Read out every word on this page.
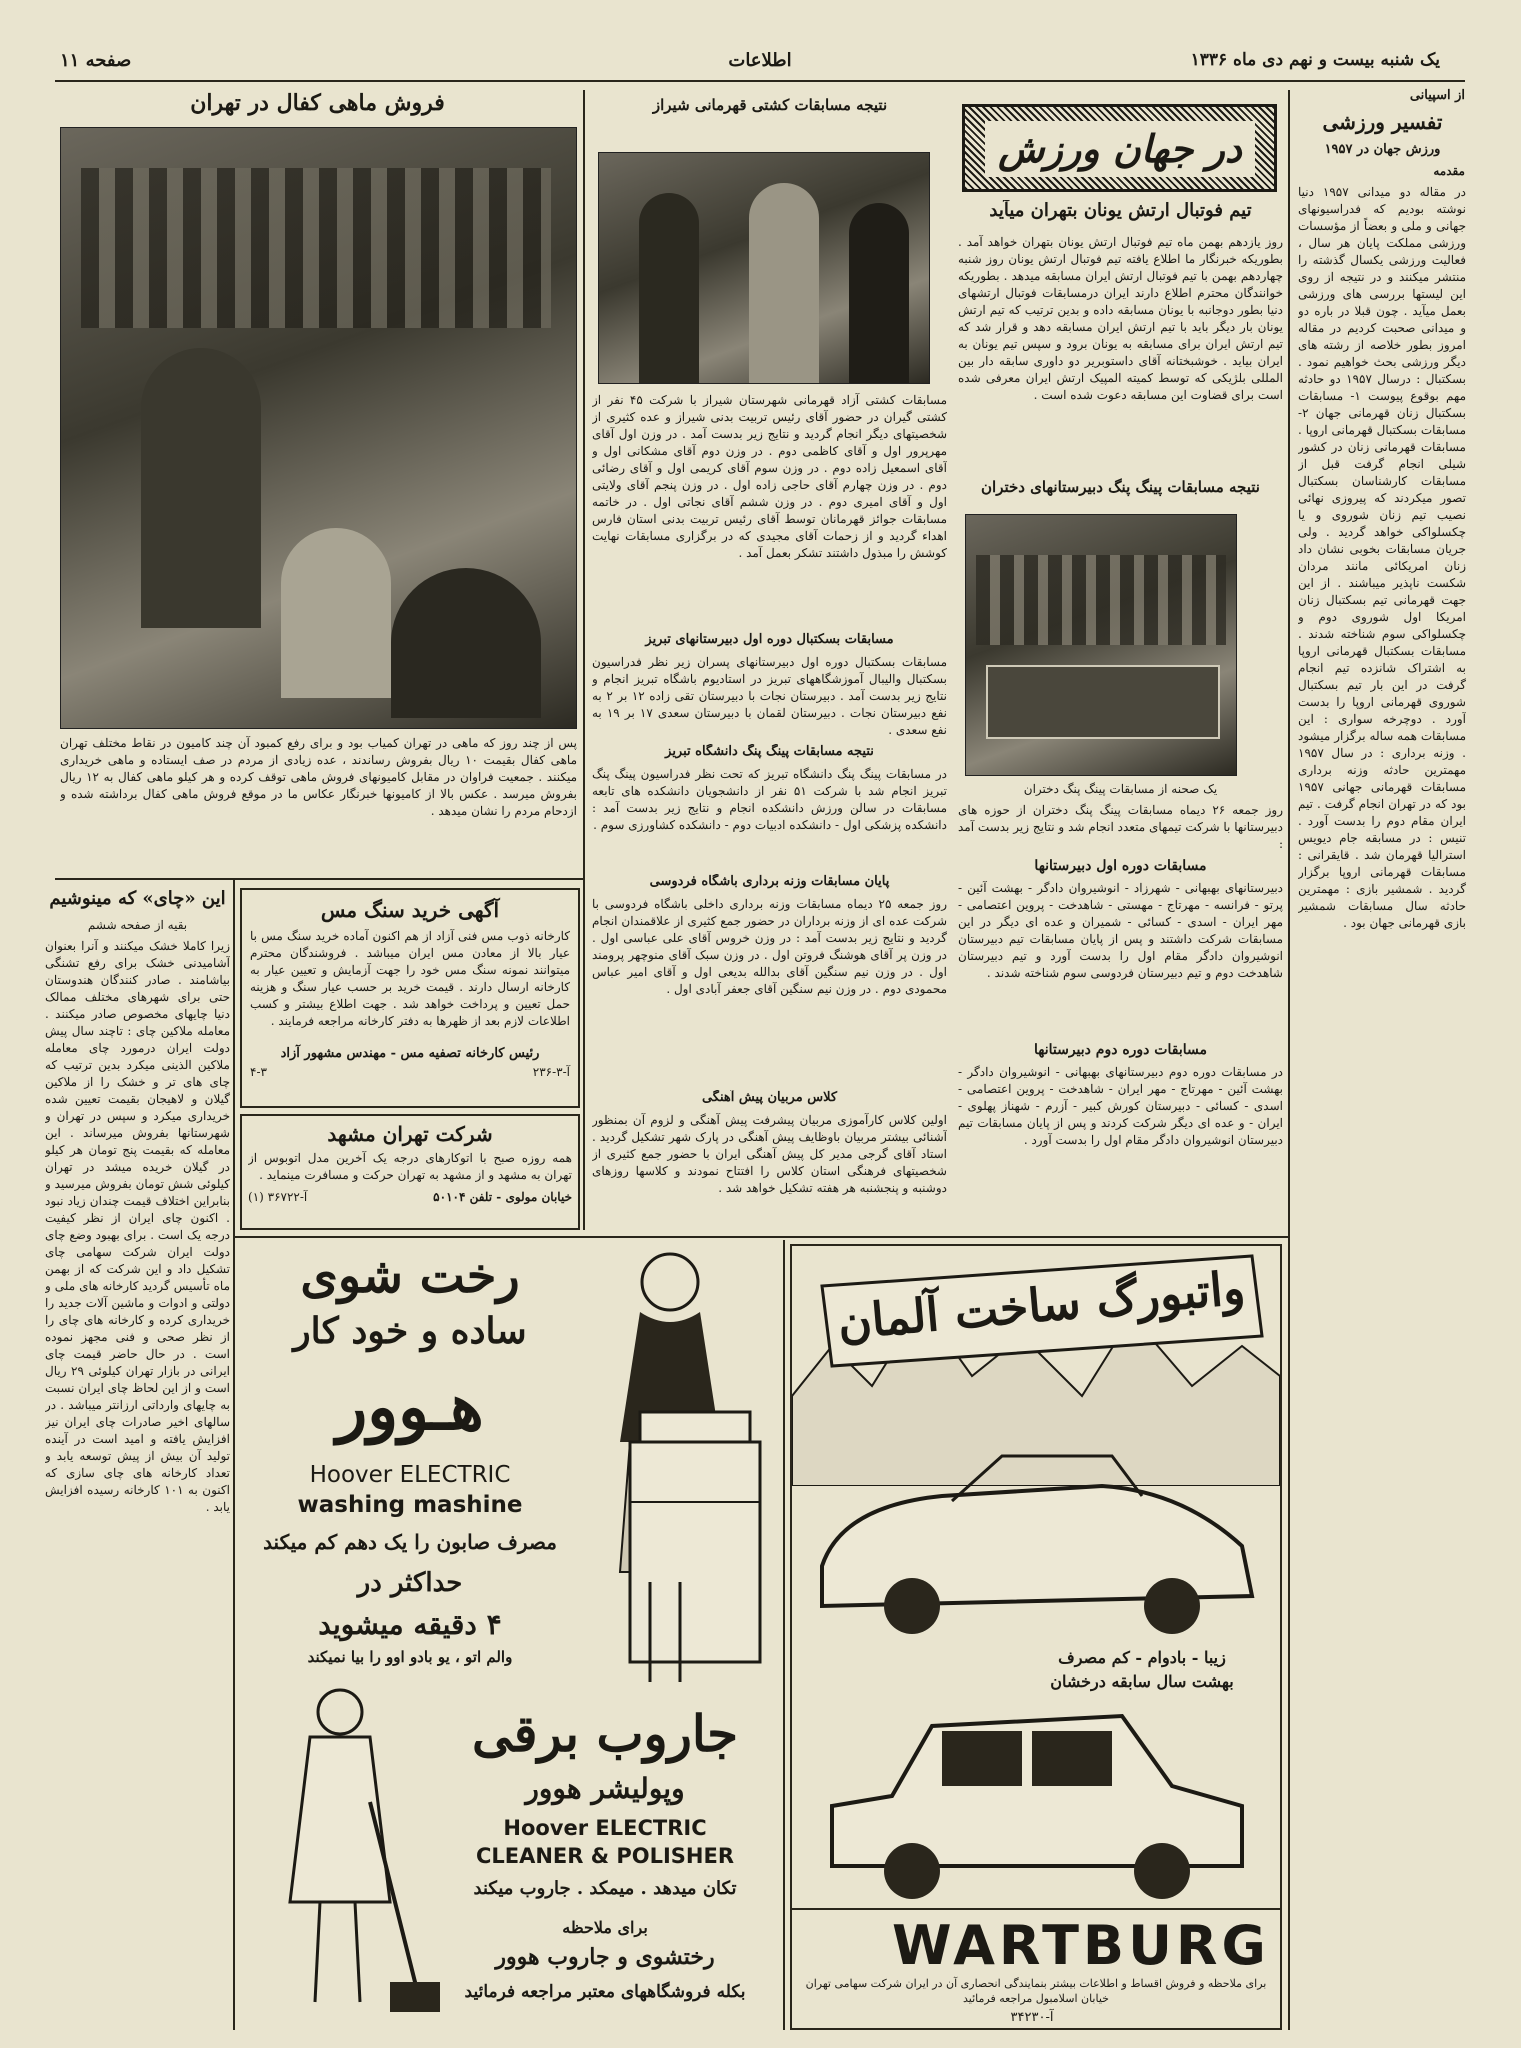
صفحه ۱۱	اطلاعات	یک شنبه بیست و نهم دی ماه ۱۳۳۶
از اسپیانی
تفسیر ورزشی
ورزش جهان در ۱۹۵۷
مقدمه
در مقاله دو میدانی ۱۹۵۷ دنیا نوشته بودیم که فدراسیونهای جهانی و ملی و بعضاً از مؤسسات ورزشی مملکت پایان هر سال ، فعالیت ورزشی یکسال گذشته را منتشر میکنند و در نتیجه از روی این لیستها بررسی های ورزشی بعمل میآید . چون قبلا در باره دو و میدانی صحبت کردیم در مقاله امروز بطور خلاصه از رشته های دیگر ورزشی بحث خواهیم نمود . بسکتبال : درسال ۱۹۵۷ دو حادثه مهم بوقوع پیوست ۱- مسابقات بسکتبال زنان قهرمانی جهان ۲- مسابقات بسکتبال قهرمانی اروپا . مسابقات قهرمانی زنان در کشور شیلی انجام گرفت قبل از مسابقات کارشناسان بسکتبال تصور میکردند که پیروزی نهائی نصیب تیم زنان شوروی و یا چکسلواکی خواهد گردید . ولی جریان مسابقات بخوبی نشان داد زنان امریکائی مانند مردان شکست ناپذیر میباشند . از این جهت قهرمانی تیم بسکتبال زنان امریکا اول شوروی دوم و چکسلواکی سوم شناخته شدند . مسابقات بسکتبال قهرمانی اروپا به اشتراک شانزده تیم انجام گرفت در این بار تیم بسکتبال شوروی قهرمانی اروپا را بدست آورد . دوچرخه سواری : این مسابقات همه ساله برگزار میشود . وزنه برداری : در سال ۱۹۵۷ مهمترین حادثه وزنه برداری مسابقات قهرمانی جهانی ۱۹۵۷ بود که در تهران انجام گرفت . تیم ایران مقام دوم را بدست آورد . تنیس : در مسابقه جام دیویس استرالیا قهرمان شد . قایقرانی : مسابقات قهرمانی اروپا برگزار گردید . شمشیر بازی : مهمترین حادثه سال مسابقات شمشیر بازی قهرمانی جهان بود .
در جهان ورزش
تیم فوتبال ارتش یونان بتهران میآید
روز یازدهم بهمن ماه تیم فوتبال ارتش یونان بتهران خواهد آمد . بطوریکه خبرنگار ما اطلاع یافته تیم فوتبال ارتش یونان روز شنبه چهاردهم بهمن با تیم فوتبال ارتش ایران مسابقه میدهد . بطوریکه خوانندگان محترم اطلاع دارند ایران درمسابقات فوتبال ارتشهای دنیا بطور دوجانبه با یونان مسابقه داده و بدین ترتیب که تیم ارتش یونان بار دیگر باید با تیم ارتش ایران مسابقه دهد و قرار شد که تیم ارتش ایران برای مسابقه به یونان برود و سپس تیم یونان به ایران بیاید . خوشبختانه آقای داستوبریر دو داوری سابقه دار بین المللی بلژیکی که توسط کمیته المپیک ارتش ایران معرفی شده است برای قضاوت این مسابقه دعوت شده است .
نتیجه مسابقات پینگ پنگ دبیرستانهای دختران
یک صحنه از مسابقات پینگ پنگ دختران
روز جمعه ۲۶ دیماه مسابقات پینگ پنگ دختران از حوزه های دبیرستانها با شرکت تیمهای متعدد انجام شد و نتایج زیر بدست آمد :
مسابقات دوره اول دبیرستانها
دبیرستانهای بهبهانی - شهرزاد - انوشیروان دادگر - بهشت آئین - پرتو - فرانسه - مهرتاج - مهستی - شاهدخت - پروین اعتصامی - مهر ایران - اسدی - کسائی - شمیران و عده ای دیگر در این مسابقات شرکت داشتند و پس از پایان مسابقات تیم دبیرستان انوشیروان دادگر مقام اول را بدست آورد و تیم دبیرستان شاهدخت دوم و تیم دبیرستان فردوسی سوم شناخته شدند .
مسابقات دوره دوم دبیرستانها
در مسابقات دوره دوم دبیرستانهای بهبهانی - انوشیروان دادگر - بهشت آئین - مهرتاج - مهر ایران - شاهدخت - پروین اعتصامی - اسدی - کسائی - دبیرستان کورش کبیر - آزرم - شهناز پهلوی - ایران - و عده ای دیگر شرکت کردند و پس از پایان مسابقات تیم دبیرستان انوشیروان دادگر مقام اول را بدست آورد .
نتیجه مسابقات کشتی قهرمانی شیراز
مسابقات کشتی آزاد قهرمانی شهرستان شیراز با شرکت ۴۵ نفر از کشتی گیران در حضور آقای رئیس تربیت بدنی شیراز و عده کثیری از شخصیتهای دیگر انجام گردید و نتایج زیر بدست آمد . در وزن اول آقای مهرپرور اول و آقای کاظمی دوم . در وزن دوم آقای مشکانی اول و آقای اسمعیل زاده دوم . در وزن سوم آقای کریمی اول و آقای رضائی دوم . در وزن چهارم آقای حاجی زاده اول . در وزن پنجم آقای ولایتی اول و آقای امیری دوم . در وزن ششم آقای نجاتی اول . در خاتمه مسابقات جوائز قهرمانان توسط آقای رئیس تربیت بدنی استان فارس اهداء گردید و از زحمات آقای مجیدی که در برگزاری مسابقات نهایت کوشش را مبذول داشتند تشکر بعمل آمد .
مسابقات بسکتبال دوره اول دبیرستانهای تبریز
مسابقات بسکتبال دوره اول دبیرستانهای پسران زیر نظر فدراسیون بسکتبال والیبال آموزشگاههای تبریز در استادیوم باشگاه تبریز انجام و نتایج زیر بدست آمد . دبیرستان نجات با دبیرستان تقی زاده ۱۲ بر ۲ به نفع دبیرستان نجات . دبیرستان لقمان با دبیرستان سعدی ۱۷ بر ۱۹ به نفع سعدی .
نتیجه مسابقات پینگ پنگ دانشگاه تبریز
در مسابقات پینگ پنگ دانشگاه تبریز که تحت نظر فدراسیون پینگ پنگ تبریز انجام شد با شرکت ۵۱ نفر از دانشجویان دانشکده های تابعه مسابقات در سالن ورزش دانشکده انجام و نتایج زیر بدست آمد : دانشکده پزشکی اول - دانشکده ادبیات دوم - دانشکده کشاورزی سوم .
پایان مسابقات وزنه برداری باشگاه فردوسی
روز جمعه ۲۵ دیماه مسابقات وزنه برداری داخلی باشگاه فردوسی با شرکت عده ای از وزنه برداران در حضور جمع کثیری از علاقمندان انجام گردید و نتایج زیر بدست آمد : در وزن خروس آقای علی عباسی اول . در وزن پر آقای هوشنگ فروتن اول . در وزن سبک آقای منوچهر پرومند اول . در وزن نیم سنگین آقای بدالله بدیعی اول و آقای امیر عباس محمودی دوم . در وزن نیم سنگین آقای جعفر آبادی اول .
کلاس مربیان پیش آهنگی
اولین کلاس کارآموزی مربیان پیشرفت پیش آهنگی و لزوم آن بمنظور آشنائی بیشتر مربیان باوظایف پیش آهنگی در پارک شهر تشکیل گردید . استاد آقای گرجی مدیر کل پیش آهنگی ایران با حضور جمع کثیری از شخصیتهای فرهنگی استان کلاس را افتتاح نمودند و کلاسها روزهای دوشنبه و پنجشنبه هر هفته تشکیل خواهد شد .
فروش ماهی کفال در تهران
پس از چند روز که ماهی در تهران کمیاب بود و برای رفع کمبود آن چند کامیون در نقاط مختلف تهران ماهی کفال بقیمت ۱۰ ریال بفروش رساندند ، عده زیادی از مردم در صف ایستاده و ماهی خریداری میکنند . جمعیت فراوان در مقابل کامیونهای فروش ماهی توقف کرده و هر کیلو ماهی کفال به ۱۲ ریال بفروش میرسد . عکس بالا از کامیونها خبرنگار عکاس ما در موقع فروش ماهی کفال برداشته شده و ازدحام مردم را نشان میدهد .
این «چای» که مینوشیم
بقیه از صفحه ششم
زیرا کاملا خشک میکنند و آنرا بعنوان آشامیدنی خشک برای رفع تشنگی بیاشامند . صادر کنندگان هندوستان حتی برای شهرهای مختلف ممالک دنیا چایهای مخصوص صادر میکنند . معامله ملاکین چای : تاچند سال پیش دولت ایران درمورد چای معامله ملاکین الذینی میکرد بدین ترتیب که چای های تر و خشک را از ملاکین گیلان و لاهیجان بقیمت تعیین شده خریداری میکرد و سپس در تهران و شهرستانها بفروش میرساند . این معامله که بقیمت پنج تومان هر کیلو در گیلان خریده میشد در تهران کیلوئی شش تومان بفروش میرسید و بنابراین اختلاف قیمت چندان زیاد نبود . اکنون چای ایران از نظر کیفیت درجه یک است . برای بهبود وضع چای دولت ایران شرکت سهامی چای تشکیل داد و این شرکت که از بهمن ماه تأسیس گردید کارخانه های ملی و دولتی و ادوات و ماشین آلات جدید را خریداری کرده و کارخانه های چای را از نظر صحی و فنی مجهز نموده است . در حال حاضر قیمت چای ایرانی در بازار تهران کیلوئی ۲۹ ریال است و از این لحاظ چای ایران نسبت به چایهای وارداتی ارزانتر میباشد . در سالهای اخیر صادرات چای ایران نیز افزایش یافته و امید است در آینده تولید آن بیش از پیش توسعه یابد و تعداد کارخانه های چای سازی که اکنون به ۱۰۱ کارخانه رسیده افزایش یابد .
آگهی خرید سنگ مس
کارخانه ذوب مس فنی آزاد از هم اکنون آماده خرید سنگ مس با عیار بالا از معادن مس ایران میباشد . فروشندگان محترم میتوانند نمونه سنگ مس خود را جهت آزمایش و تعیین عیار به کارخانه ارسال دارند . قیمت خرید بر حسب عیار سنگ و هزینه حمل تعیین و پرداخت خواهد شد . جهت اطلاع بیشتر و کسب اطلاعات لازم بعد از ظهرها به دفتر کارخانه مراجعه فرمایند .
رئیس کارخانه تصفیه مس - مهندس مشهور آزاد
۴-۳	آ-۳-۲۳۶
شرکت تهران مشهد
همه روزه صبح با اتوکارهای درجه یک آخرین مدل اتوبوس از تهران به مشهد و از مشهد به تهران حرکت و مسافرت مینماید .
آ-۳۶۷۲۲ (۱)	خیابان مولوی - تلفن ۵۰۱۰۴
رخت شوی
ساده و خود کار
هـوور
Hoover ELECTRIC
washing mashine
مصرف صابون را یک دهم کم میکند
حداکثر در
۴ دقیقه میشوید
والم اتو ، یو بادو اوو را بیا نمیکند
جاروب برقی
وپولیشر هوور
Hoover ELECTRIC
CLEANER & POLISHER
تکان میدهد . میمکد . جاروب میکند
برای ملاحظه
رختشوی و جاروب هوور
بکله فروشگاههای معتبر مراجعه فرمائید
واتبورگ ساخت آلمان
زیبا - بادوام - کم مصرف
بهشت سال سابقه درخشان
WARTBURG
برای ملاحظه و فروش اقساط و اطلاعات بیشتر بنمایندگی انحصاری آن در ایران شرکت سهامی تهران خیابان اسلامبول مراجعه فرمائید
آ-۳۴۲۳۰
